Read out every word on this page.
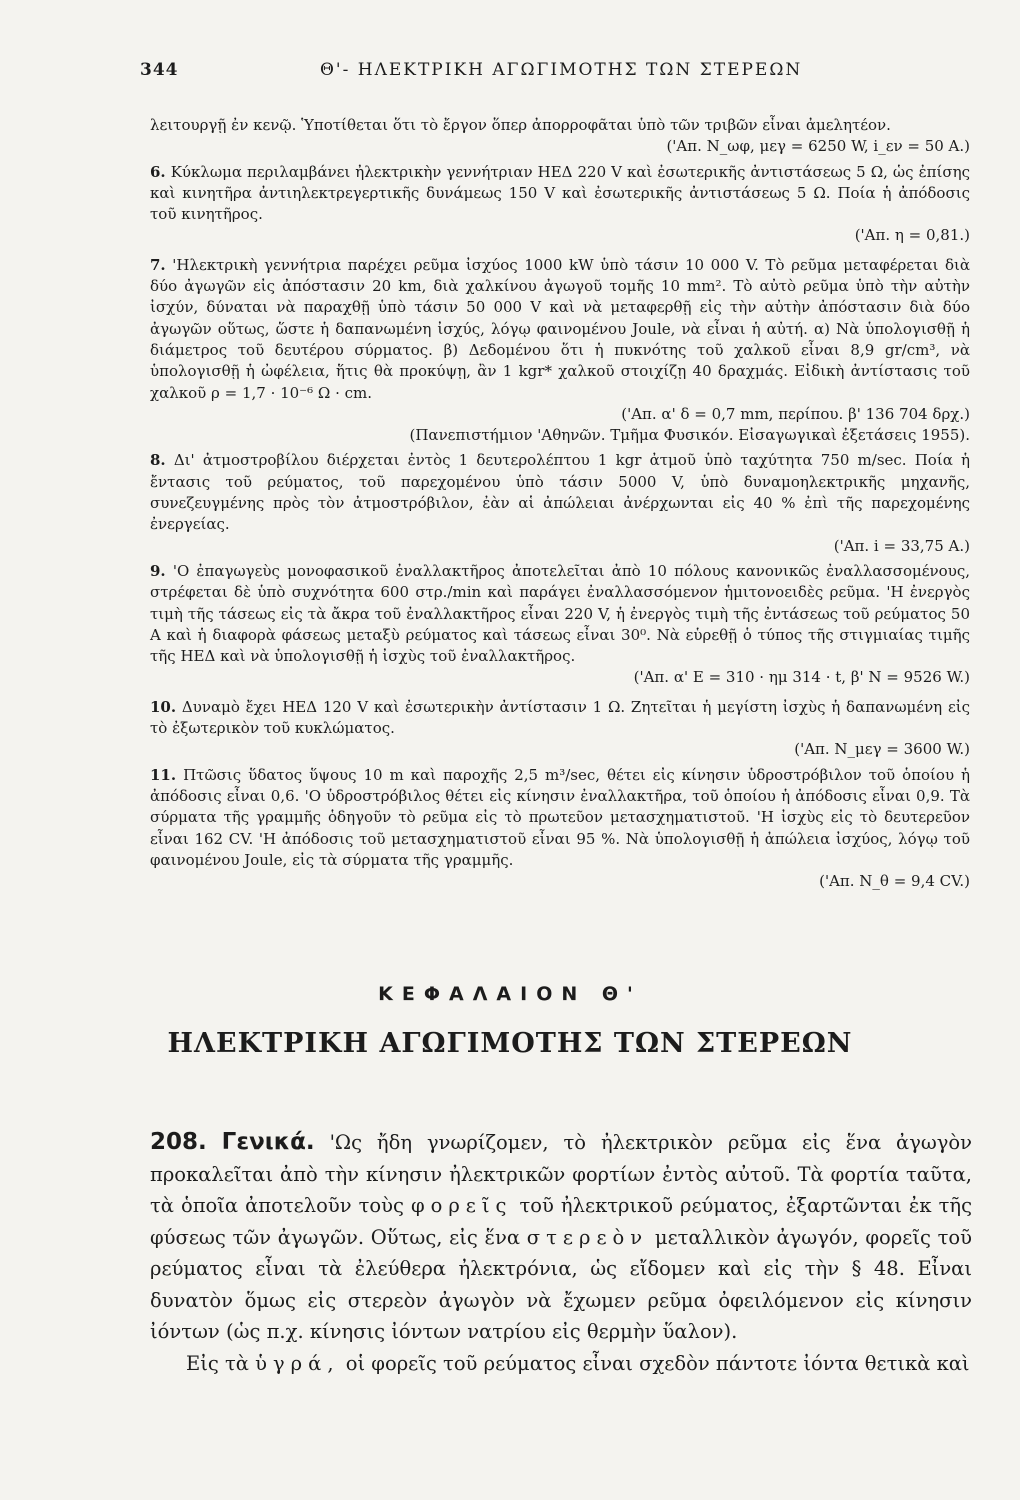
344	Θ'- ΗΛΕΚΤΡΙΚΗ ΑΓΩΓΙΜΟΤΗΣ ΤΩΝ ΣΤΕΡΕΩΝ

λειτουργῇ ἐν κενῷ. Ὑποτίθεται ὅτι τὸ ἔργον ὅπερ ἀπορροφᾶται ὑπὸ τῶν τριβῶν εἶναι ἀμελητέον.

('Απ. Ν_ωφ, μεγ = 6250 W, i_εν = 50 A.)

6. Κύκλωμα περιλαμβάνει ἠλεκτρικὴν γεννήτριαν ΗΕΔ 220 V καὶ ἐσωτερικῆς ἀντιστάσεως 5 Ω, ὡς ἐπίσης καὶ κινητῆρα ἀντιηλεκτρεγερτικῆς δυνάμεως 150 V καὶ ἐσωτερικῆς ἀντιστάσεως 5 Ω. Ποία ἡ ἀπόδοσις τοῦ κινητῆρος.

('Απ. η = 0,81.)

7. 'Ηλεκτρικὴ γεννήτρια παρέχει ρεῦμα ἰσχύος 1000 kW ὑπὸ τάσιν 10 000 V. Τὸ ρεῦμα μεταφέρεται διὰ δύο ἀγωγῶν εἰς ἀπόστασιν 20 km, διὰ χαλκίνου ἀγωγοῦ τομῆς 10 mm². Τὸ αὐτὸ ρεῦμα ὑπὸ τὴν αὐτὴν ἰσχύν, δύναται νὰ παραχθῇ ὑπὸ τάσιν 50 000 V καὶ νὰ μεταφερθῇ εἰς τὴν αὐτὴν ἀπόστασιν διὰ δύο ἀγωγῶν οὕτως, ὥστε ἡ δαπανωμένη ἰσχύς, λόγῳ φαινομένου Joule, νὰ εἶναι ἡ αὐτή. α) Νὰ ὑπολογισθῇ ἡ διάμετρος τοῦ δευτέρου σύρματος. β) Δεδομένου ὅτι ἡ πυκνότης τοῦ χαλκοῦ εἶναι 8,9 gr/cm³, νὰ ὑπολογισθῇ ἡ ὠφέλεια, ἥτις θὰ προκύψῃ, ἂν 1 kgr* χαλκοῦ στοιχίζῃ 40 δραχμάς. Εἰδικὴ ἀντίστασις τοῦ χαλκοῦ ρ = 1,7 · 10⁻⁶ Ω · cm.

('Απ. α' δ = 0,7 mm, περίπου. β' 136 704 δρχ.)

(Πανεπιστήμιον 'Αθηνῶν. Τμῆμα Φυσικόν. Εἰσαγωγικαὶ ἐξετάσεις 1955).

8. Δι' ἀτμοστροβίλου διέρχεται ἐντὸς 1 δευτερολέπτου 1 kgr ἀτμοῦ ὑπὸ ταχύτητα 750 m/sec. Ποία ἡ ἔντασις τοῦ ρεύματος, τοῦ παρεχομένου ὑπὸ τάσιν 5000 V, ὑπὸ δυναμοηλεκτρικῆς μηχανῆς, συνεζευγμένης πρὸς τὸν ἀτμοστρόβιλον, ἐὰν αἱ ἀπώλειαι ἀνέρχωνται εἰς 40 % ἐπὶ τῆς παρεχομένης ἐνεργείας.

('Απ. i = 33,75 A.)

9. 'Ο ἐπαγωγεὺς μονοφασικοῦ ἐναλλακτῆρος ἀποτελεῖται ἀπὸ 10 πόλους κανονικῶς ἐναλλασσομένους, στρέφεται δὲ ὑπὸ συχνότητα 600 στρ./min καὶ παράγει ἐναλλασσόμενον ἡμιτονοειδὲς ρεῦμα. 'Η ἐνεργὸς τιμὴ τῆς τάσεως εἰς τὰ ἄκρα τοῦ ἐναλλακτῆρος εἶναι 220 V, ἡ ἐνεργὸς τιμὴ τῆς ἐντάσεως τοῦ ρεύματος 50 A καὶ ἡ διαφορὰ φάσεως μεταξὺ ρεύματος καὶ τάσεως εἶναι 30⁰. Νὰ εὑρεθῇ ὁ τύπος τῆς στιγμιαίας τιμῆς τῆς ΗΕΔ καὶ νὰ ὑπολογισθῇ ἡ ἰσχὺς τοῦ ἐναλλακτῆρος.

('Απ. α' Ε = 310 · ημ 314 · t, β' Ν = 9526 W.)

10. Δυναμὸ ἔχει ΗΕΔ 120 V καὶ ἐσωτερικὴν ἀντίστασιν 1 Ω. Ζητεῖται ἡ μεγίστη ἰσχὺς ἡ δαπανωμένη εἰς τὸ ἐξωτερικὸν τοῦ κυκλώματος.

('Απ. Ν_μεγ = 3600 W.)

11. Πτῶσις ὕδατος ὕψους 10 m καὶ παροχῆς 2,5 m³/sec, θέτει εἰς κίνησιν ὑδροστρόβιλον τοῦ ὁποίου ἡ ἀπόδοσις εἶναι 0,6. 'Ο ὑδροστρόβιλος θέτει εἰς κίνησιν ἐναλλακτῆρα, τοῦ ὁποίου ἡ ἀπόδοσις εἶναι 0,9. Τὰ σύρματα τῆς γραμμῆς ὁδηγοῦν τὸ ρεῦμα εἰς τὸ πρωτεῦον μετασχηματιστοῦ. 'Η ἰσχὺς εἰς τὸ δευτερεῦον εἶναι 162 CV. 'Η ἀπόδοσις τοῦ μετασχηματιστοῦ εἶναι 95 %. Νὰ ὑπολογισθῇ ἡ ἀπώλεια ἰσχύος, λόγῳ τοῦ φαινομένου Joule, εἰς τὰ σύρματα τῆς γραμμῆς.

('Απ. Ν_θ = 9,4 CV.)

ΚΕΦΑΛΑΙΟΝ Θ'
ΗΛΕΚΤΡΙΚΗ ΑΓΩΓΙΜΟΤΗΣ ΤΩΝ ΣΤΕΡΕΩΝ

208. Γενικά. 'Ως ἤδη γνωρίζομεν, τὸ ἠλεκτρικὸν ρεῦμα εἰς ἕνα ἀγωγὸν προκαλεῖται ἀπὸ τὴν κίνησιν ἠλεκτρικῶν φορτίων ἐντὸς αὐτοῦ. Τὰ φορτία ταῦτα, τὰ ὁποῖα ἀποτελοῦν τοὺς φορεῖς τοῦ ἠλεκτρικοῦ ρεύματος, ἐξαρτῶνται ἐκ τῆς φύσεως τῶν ἀγωγῶν. Οὕτως, εἰς ἕνα στερεὸν μεταλλικὸν ἀγωγόν, φορεῖς τοῦ ρεύματος εἶναι τὰ ἐλεύθερα ἠλεκτρόνια, ὡς εἴδομεν καὶ εἰς τὴν § 48. Εἶναι δυνατὸν ὅμως εἰς στερεὸν ἀγωγὸν νὰ ἔχωμεν ρεῦμα ὀφειλόμενον εἰς κίνησιν ἰόντων (ὡς π.χ. κίνησις ἰόντων νατρίου εἰς θερμὴν ὕαλον).

Εἰς τὰ ὑγρά, οἱ φορεῖς τοῦ ρεύματος εἶναι σχεδὸν πάντοτε ἰόντα θετικὰ καὶ
